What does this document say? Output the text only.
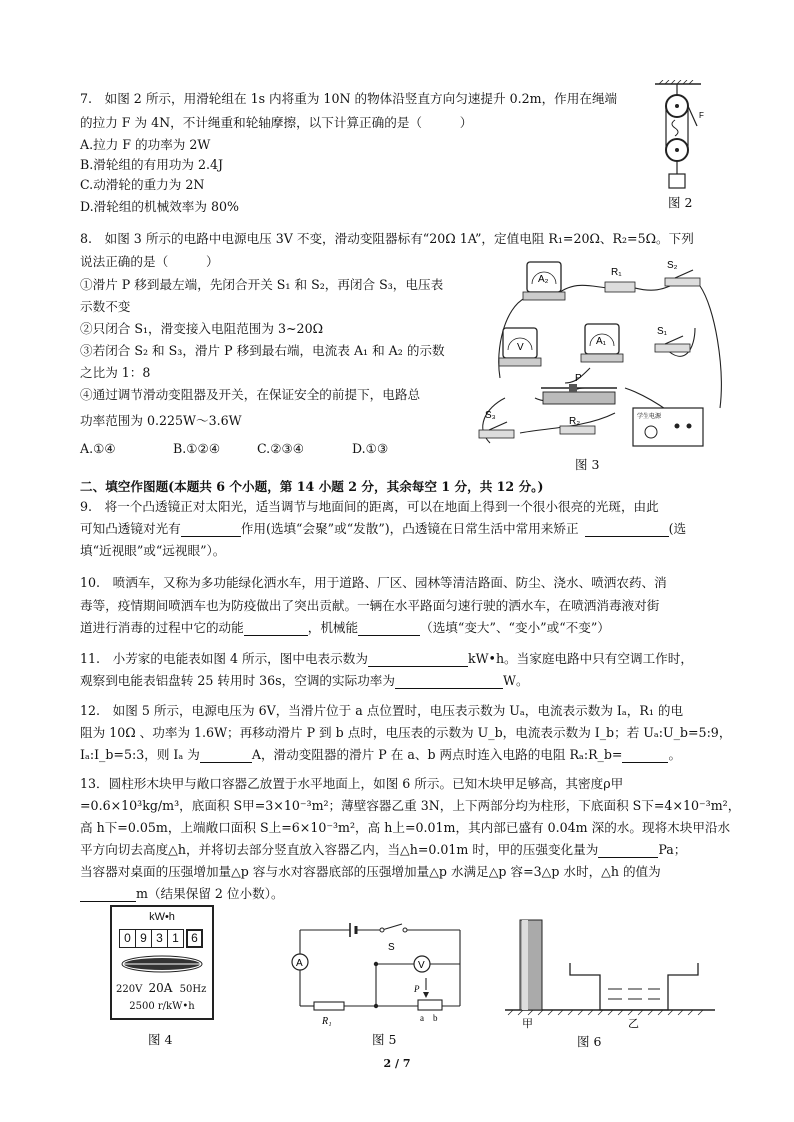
7.　如图 2 所示，用滑轮组在 1s 内将重为 10N 的物体沿竖直方向匀速提升 0.2m，作用在绳端
的拉力 F 为 4N，不计绳重和轮轴摩擦，以下计算正确的是（　　　）
A.拉力 F 的功率为 2W
B.滑轮组的有用功为 2.4J
C.动滑轮的重力为 2N
D.滑轮组的机械效率为 80%
F
图 2
8.　如图 3 所示的电路中电源电压 3V 不变，滑动变阻器标有“20Ω 1A”，定值电阻 R₁=20Ω、R₂=5Ω。下列
说法正确的是（　　　）
①滑片 P 移到最左端，先闭合开关 S₁ 和 S₂，再闭合 S₃，电压表
示数不变
②只闭合 S₁，滑变接入电阻范围为 3~20Ω
③若闭合 S₂ 和 S₃，滑片 P 移到最右端，电流表 A₁ 和 A₂ 的示数
之比为 1：8
④通过调节滑动变阻器及开关，在保证安全的前提下，电路总
功率范围为 0.225W～3.6W
A.①④	B.①②④	C.②③④	D.①③
A₂
V
A₁
R₁
S₂
S₁
P
R₂
S₃	学生电源
图 3
二、填空作图题(本题共 6 个小题，第 14 小题 2 分，其余每空 1 分，共 12 分。)
9.　将一个凸透镜正对太阳光，适当调节与地面间的距离，可以在地面上得到一个很小很亮的光斑，由此
可知凸透镜对光有	作用(选填“会聚”或“发散”)，凸透镜在日常生活中常用来矫正	(选
填“近视眼”或“远视眼”）。
10.　喷洒车，又称为多功能绿化洒水车，用于道路、厂区、园林等清洁路面、防尘、浇水、喷洒农药、消
毒等，疫情期间喷洒车也为防疫做出了突出贡献。一辆在水平路面匀速行驶的洒水车，在喷洒消毒液对街
道进行消毒的过程中它的动能	，机械能	（选填“变大”、“变小”或“不变”）
11.　小芳家的电能表如图 4 所示，图中电表示数为	kW•h。当家庭电路中只有空调工作时，
观察到电能表铝盘转 25 转用时 36s，空调的实际功率为	W。
12.　如图 5 所示，电源电压为 6V，当滑片位于 a 点位置时，电压表示数为 Uₐ，电流表示数为 Iₐ，R₁ 的电
阻为 10Ω 、功率为 1.6W；再移动滑片 P 到 b 点时，电压表的示数为 U_b，电流表示数为 I_b；若 Uₐ:U_b=5:9，
Iₐ:I_b=5:3，则 Iₐ 为	A，滑动变阻器的滑片 P 在 a、b 两点时连入电路的电阻 Rₐ:R_b=	。
13．圆柱形木块甲与敞口容器乙放置于水平地面上，如图 6 所示。已知木块甲足够高，其密度ρ甲
=0.6×10³kg/m³，底面积 S甲=3×10⁻³m²；薄壁容器乙重 3N，上下两部分均为柱形，下底面积 S下=4×10⁻³m²，
高 h下=0.05m，上端敞口面积 S上=6×10⁻³m²，高 h上=0.01m，其内部已盛有 0.04m 深的水。现将木块甲沿水
平方向切去高度△h，并将切去部分竖直放入容器乙内，当△h=0.01m 时，甲的压强变化量为	Pa；
当容器对桌面的压强增加量△p 容与水对容器底部的压强增加量△p 水满足△p 容=3△p 水时，△h 的值为
m（结果保留 2 位小数）。
kW•h
0 9 3 1	6
220V 20A 50Hz
2500 r/kW•h
图 4
A	V
S
R₁
P
a b
图 5
甲	乙
图 6
2 / 7
